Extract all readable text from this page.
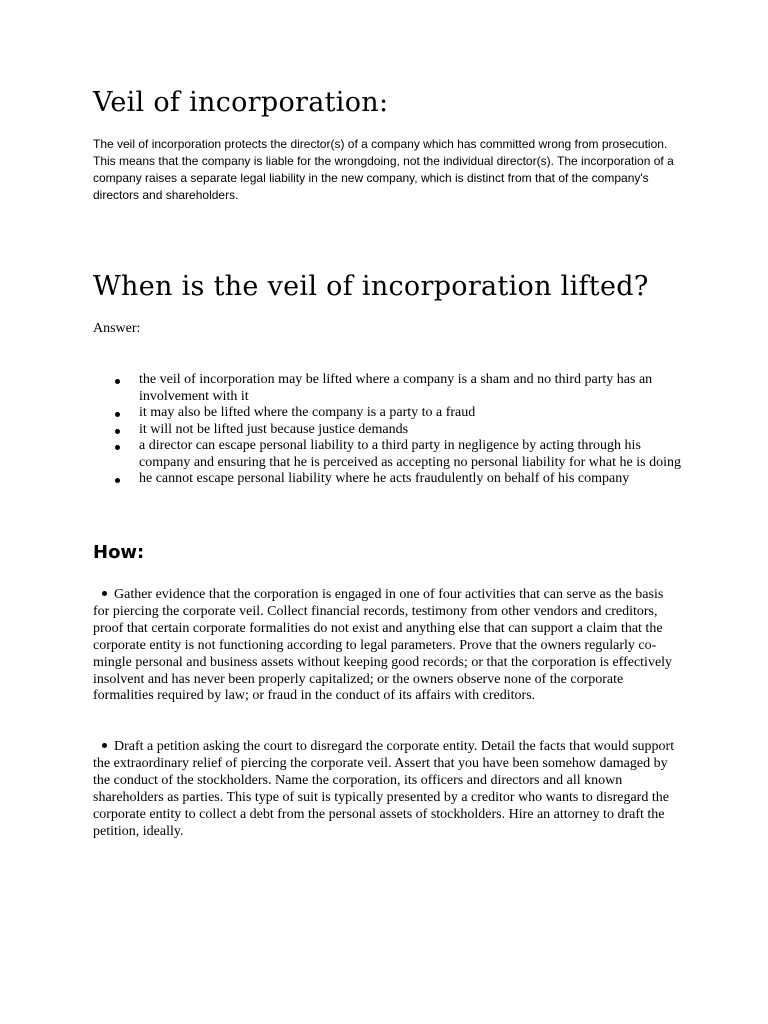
Veil of incorporation:

The veil of incorporation protects the director(s) of a company which has committed wrong from prosecution. This means that the company is liable for the wrongdoing, not the individual director(s). The incorporation of a company raises a separate legal liability in the new company, which is distinct from that of the company's directors and shareholders.

When is the veil of incorporation lifted?

Answer:

the veil of incorporation may be lifted where a company is a sham and no third party has an involvement with it
it may also be lifted where the company is a party to a fraud
it will not be lifted just because justice demands
a director can escape personal liability to a third party in negligence by acting through his company and ensuring that he is perceived as accepting no personal liability for what he is doing
he cannot escape personal liability where he acts fraudulently on behalf of his company
How:

Gather evidence that the corporation is engaged in one of four activities that can serve as the basis for piercing the corporate veil. Collect financial records, testimony from other vendors and creditors, proof that certain corporate formalities do not exist and anything else that can support a claim that the corporate entity is not functioning according to legal parameters. Prove that the owners regularly co-mingle personal and business assets without keeping good records; or that the corporation is effectively insolvent and has never been properly capitalized; or the owners observe none of the corporate formalities required by law; or fraud in the conduct of its affairs with creditors.

Draft a petition asking the court to disregard the corporate entity. Detail the facts that would support the extraordinary relief of piercing the corporate veil. Assert that you have been somehow damaged by the conduct of the stockholders. Name the corporation, its officers and directors and all known shareholders as parties. This type of suit is typically presented by a creditor who wants to disregard the corporate entity to collect a debt from the personal assets of stockholders. Hire an attorney to draft the petition, ideally.
